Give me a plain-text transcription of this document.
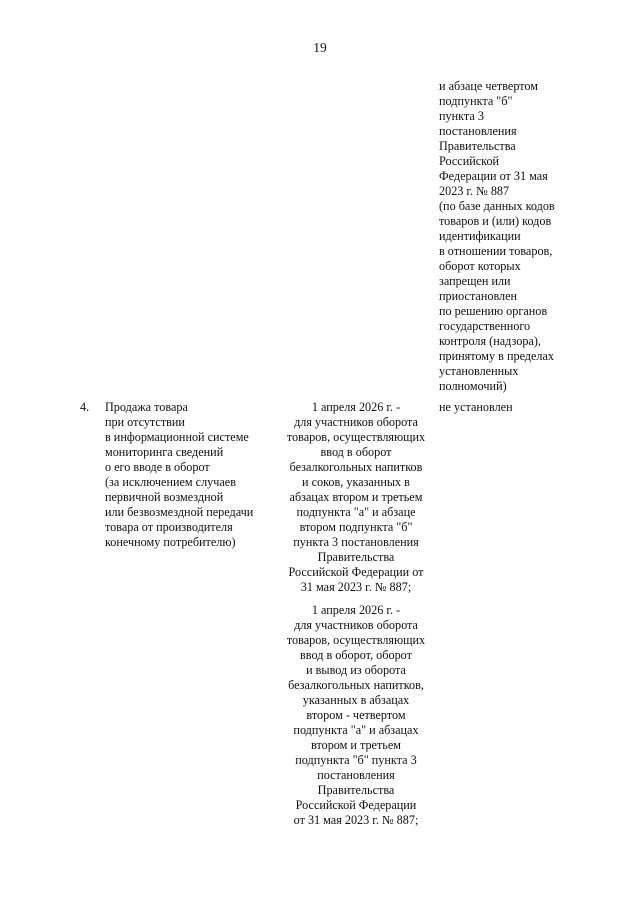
19
и абзаце четвертом
подпункта "б"
пункта 3
постановления
Правительства
Российской
Федерации от 31 мая
2023 г. № 887
(по базе данных кодов
товаров и (или) кодов
идентификации
в отношении товаров,
оборот которых
запрещен или
приостановлен
по решению органов
государственного
контроля (надзора),
принятому в пределах
установленных
полномочий)
4.	Продажа товара
при отсутствии
в информационной системе
мониторинга сведений
о его вводе в оборот
(за исключением случаев
первичной возмездной
или безвозмездной передачи
товара от производителя
конечному потребителю)
1 апреля 2026 г. -
для участников оборота
товаров, осуществляющих
ввод в оборот
безалкогольных напитков
и соков, указанных в
абзацах втором и третьем
подпункта "а" и абзаце
втором подпункта "б"
пункта 3 постановления
Правительства
Российской Федерации от
31 мая 2023 г. № 887;
1 апреля 2026 г. -
для участников оборота
товаров, осуществляющих
ввод в оборот, оборот
и вывод из оборота
безалкогольных напитков,
указанных в абзацах
втором - четвертом
подпункта "а" и абзацах
втором и третьем
подпункта "б" пункта 3
постановления
Правительства
Российской Федерации
от 31 мая 2023 г. № 887;
не установлен
